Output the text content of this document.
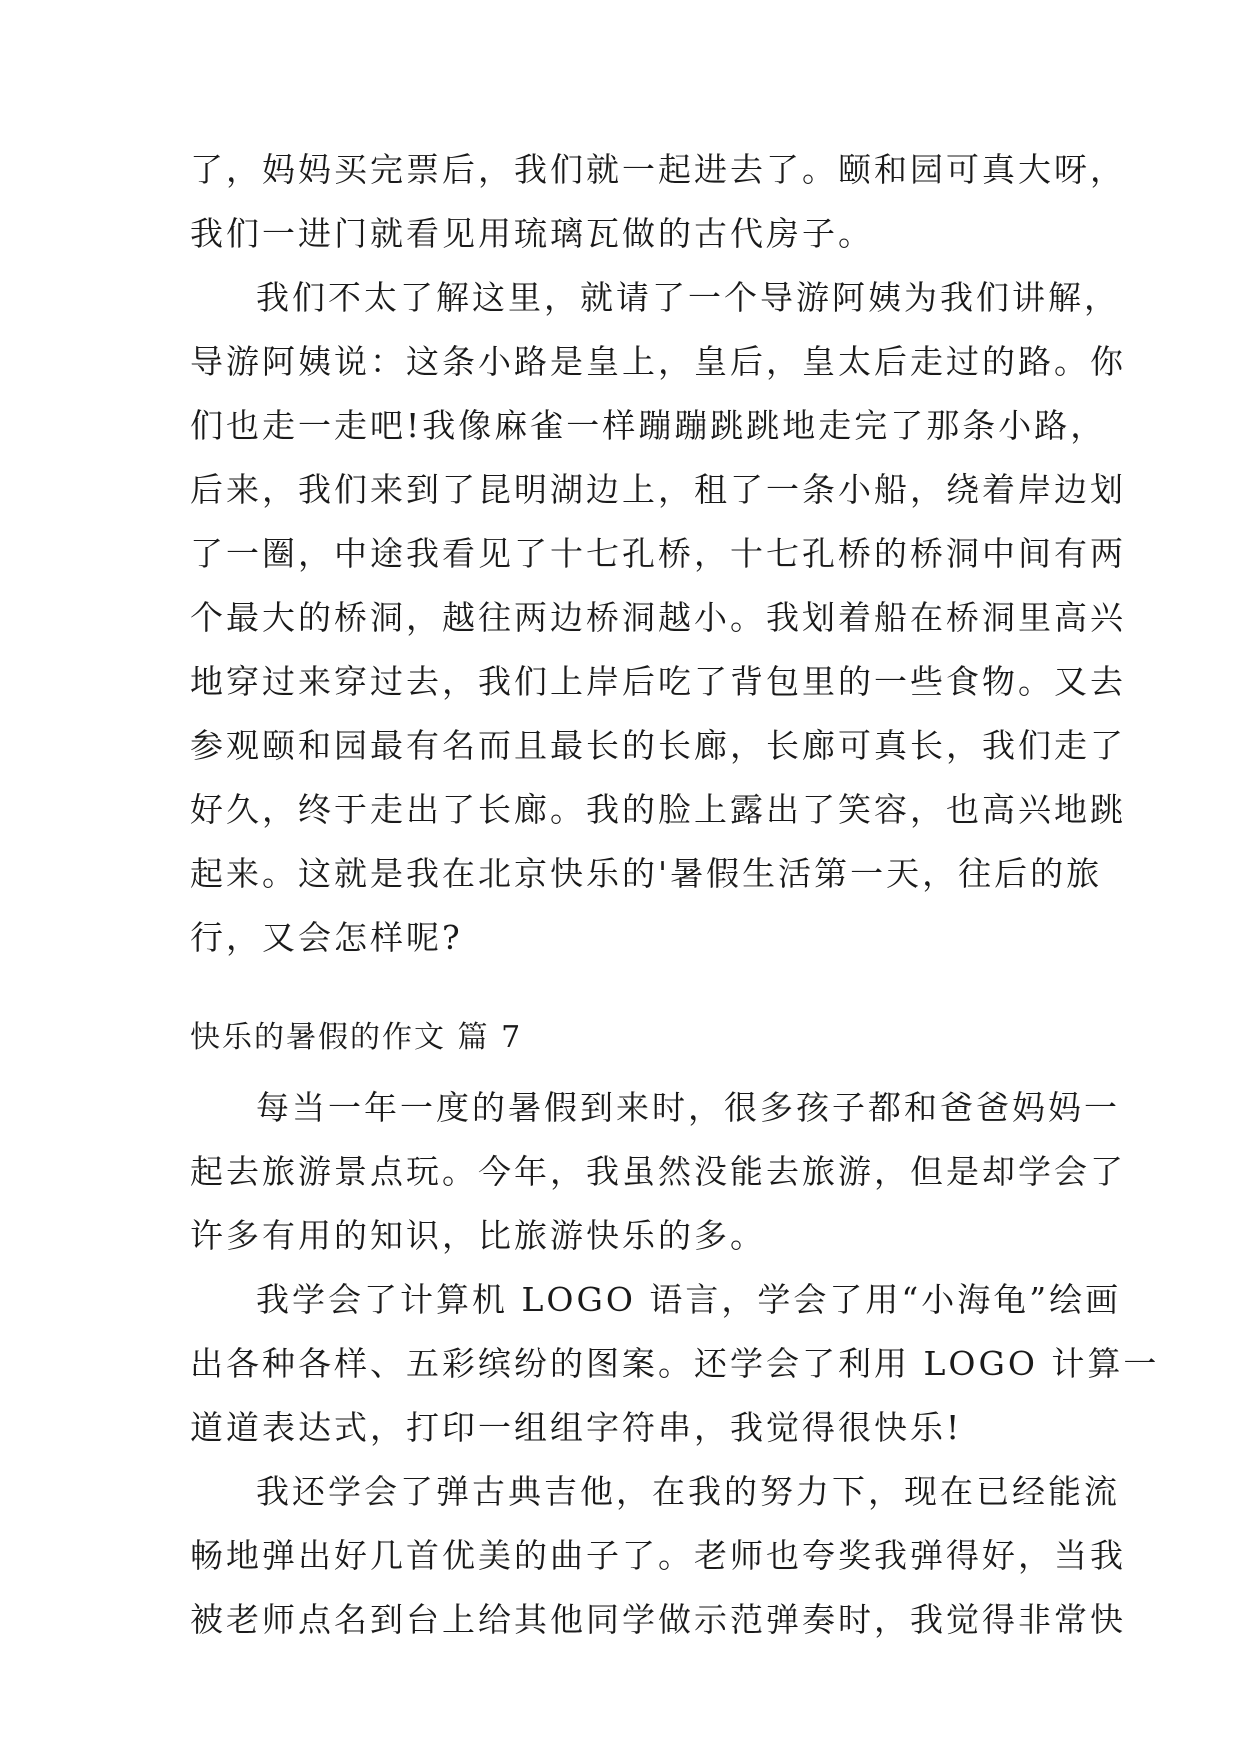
了，妈妈买完票后，我们就一起进去了。颐和园可真大呀，
我们一进门就看见用琉璃瓦做的古代房子。
我们不太了解这里，就请了一个导游阿姨为我们讲解，
导游阿姨说：这条小路是皇上，皇后，皇太后走过的路。你
们也走一走吧!我像麻雀一样蹦蹦跳跳地走完了那条小路，
后来，我们来到了昆明湖边上，租了一条小船，绕着岸边划
了一圈，中途我看见了十七孔桥，十七孔桥的桥洞中间有两
个最大的桥洞，越往两边桥洞越小。我划着船在桥洞里高兴
地穿过来穿过去，我们上岸后吃了背包里的一些食物。又去
参观颐和园最有名而且最长的长廊，长廊可真长，我们走了
好久，终于走出了长廊。我的脸上露出了笑容，也高兴地跳
起来。这就是我在北京快乐的'暑假生活第一天，往后的旅
行，又会怎样呢?
快乐的暑假的作文 篇 7
每当一年一度的暑假到来时，很多孩子都和爸爸妈妈一
起去旅游景点玩。今年，我虽然没能去旅游，但是却学会了
许多有用的知识，比旅游快乐的多。
我学会了计算机 LOGO 语言，学会了用“小海龟”绘画
出各种各样、五彩缤纷的图案。还学会了利用 LOGO 计算一
道道表达式，打印一组组字符串，我觉得很快乐!
我还学会了弹古典吉他，在我的努力下，现在已经能流
畅地弹出好几首优美的曲子了。老师也夸奖我弹得好，当我
被老师点名到台上给其他同学做示范弹奏时，我觉得非常快
